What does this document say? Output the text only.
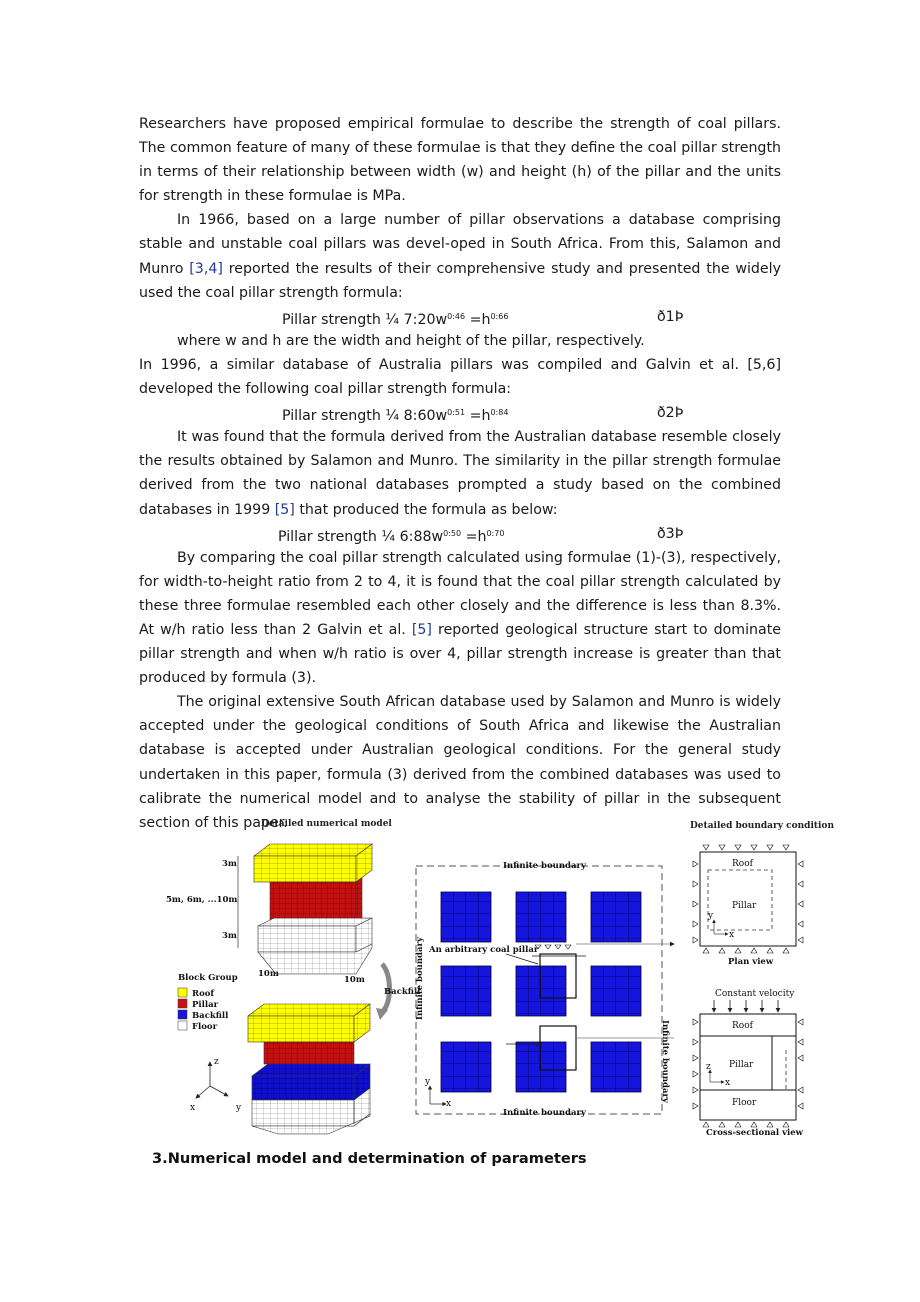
Researchers have proposed empirical formulae to describe the strength of coal pillars. The common feature of many of these formulae is that they define the coal pillar strength in terms of their relationship between width (w) and height (h) of the pillar and the units for strength in these formulae is MPa.

In 1966, based on a large number of pillar observations a database comprising stable and unstable coal pillars was devel-oped in South Africa. From this, Salamon and Munro [3,4] reported the results of their comprehensive study and presented the widely used the coal pillar strength formula:

Pillar strength ¼ $7:20w^{0:46} =h^{0:66}$	ð1Þ

where w and h are the width and height of the pillar, respectively.

In 1996, a similar database of Australia pillars was compiled and Galvin et al. [5,6] developed the following coal pillar strength formula:

Pillar strength ¼ $8:60w^{0:51} =h^{0:84}$	ð2Þ

It was found that the formula derived from the Australian database resemble closely the results obtained by Salamon and Munro. The similarity in the pillar strength formulae derived from the two national databases prompted a study based on the combined databases in 1999 [5] that produced the formula as below:

Pillar strength ¼ $6:88w^{0:50} =h^{0:70}$	ð3Þ

By comparing the coal pillar strength calculated using formulae (1)-(3), respectively, for width-to-height ratio from 2 to 4, it is found that the coal pillar strength calculated by these three formulae resembled each other closely and the difference is less than 8.3%. At w/h ratio less than 2 Galvin et al. [5] reported geological structure start to dominate pillar strength and when w/h ratio is over 4, pillar strength increase is greater than that produced by formula (3).

The original extensive South African database used by Salamon and Munro is widely accepted under the geological conditions of South Africa and likewise the Australian database is accepted under Australian geological conditions. For the general study undertaken in this paper, formula (3) derived from the combined databases was used to calibrate the numerical model and to analyse the stability of pillar in the subsequent section of this paper.

Detailed numerical model
3m
5m, 6m, ...10m
3m
10m
10m
Backfill
Block Group
Roof
Pillar
Backfill
Floor
z
x	y
Infinite boundary
Infinite boundary
Infinite boundary
Infinite boundary
An arbitrary coal pillar
y
x
Detailed boundary condition
Roof
Pillar
y
x
Plan view
Constant velocity
Roof
Pillar
Floor
z
x
Cross-sectional view
3.Numerical model and determination of parameters
